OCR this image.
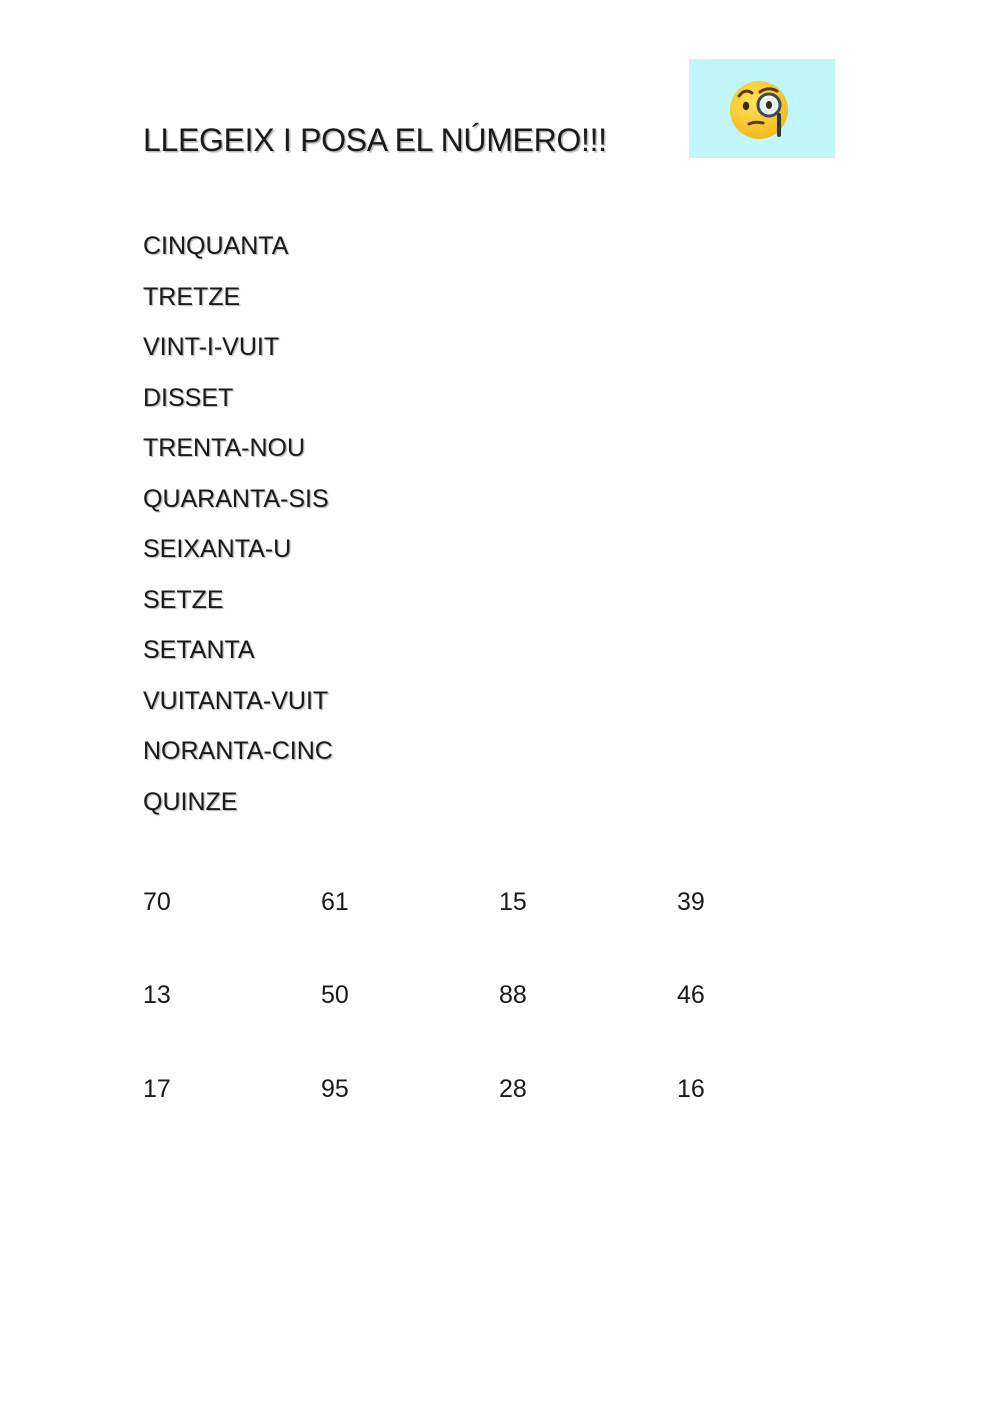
LLEGEIX I POSA EL NÚMERO!!!
CINQUANTA
TRETZE
VINT-I-VUIT
DISSET
TRENTA-NOU
QUARANTA-SIS
SEIXANTA-U
SETZE
SETANTA
VUITANTA-VUIT
NORANTA-CINC
QUINZE
70	61	15	39
13	50	88	46
17	95	28	16
